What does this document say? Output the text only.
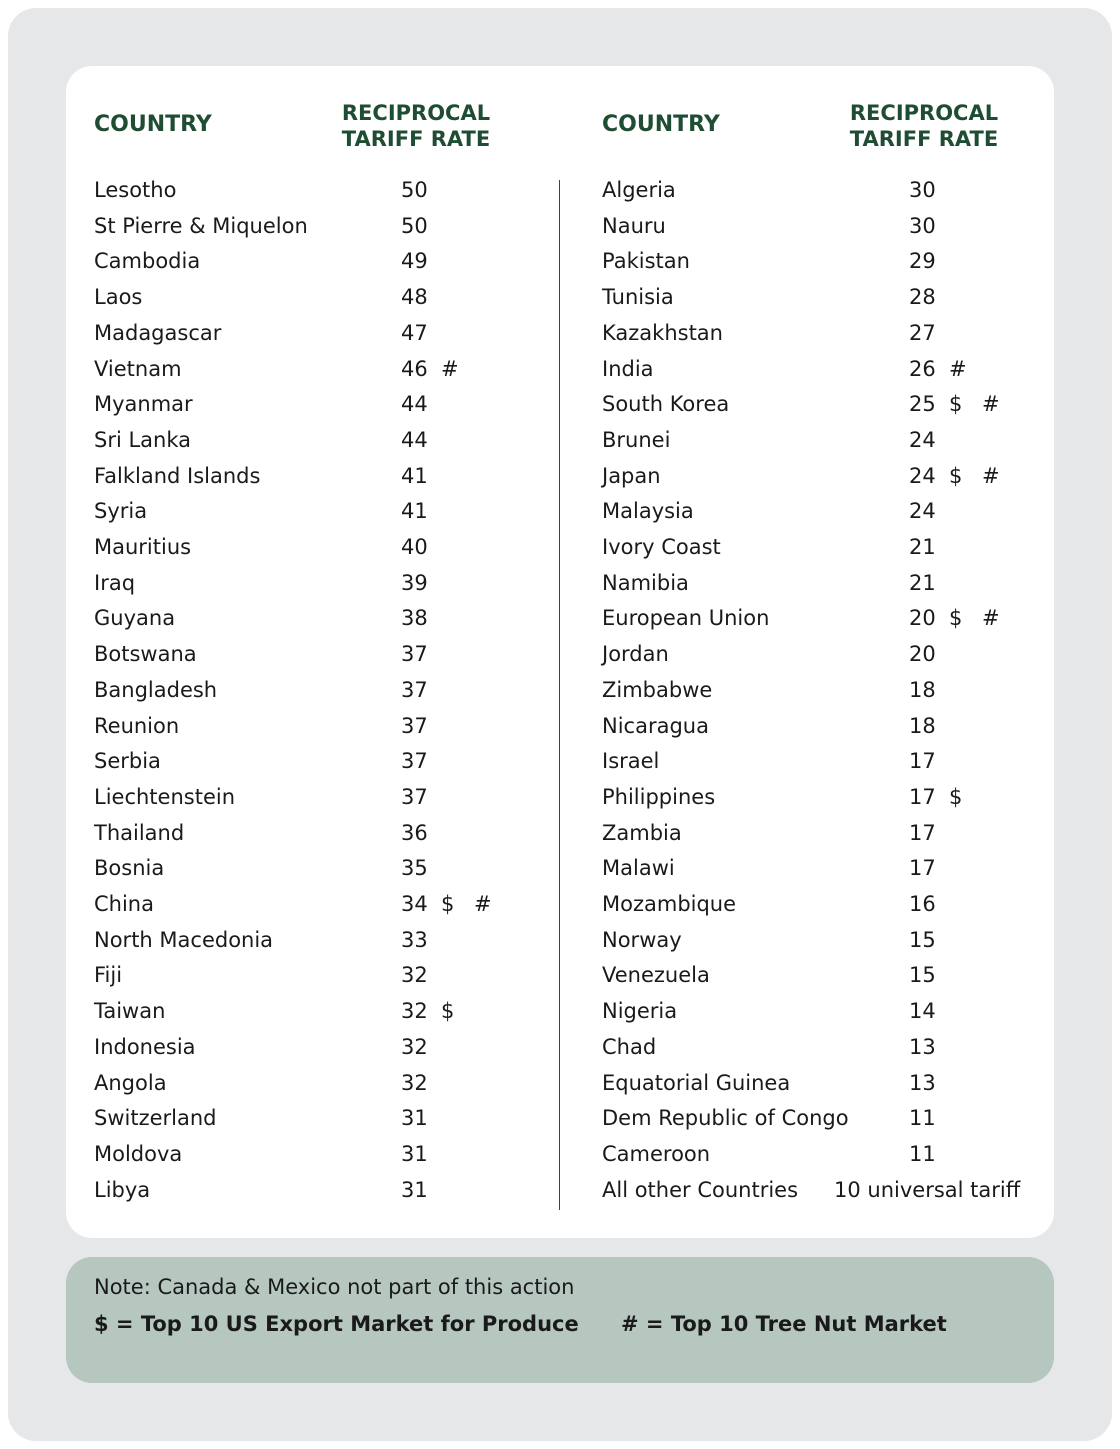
COUNTRY	RECIPROCAL
TARIFF RATE
COUNTRY	RECIPROCAL
TARIFF RATE
Lesotho	50
St Pierre & Miquelon	50
Cambodia	49
Laos	48
Madagascar	47
Vietnam	46 #
Myanmar	44
Sri Lanka	44
Falkland Islands	41
Syria	41
Mauritius	40
Iraq	39
Guyana	38
Botswana	37
Bangladesh	37
Reunion	37
Serbia	37
Liechtenstein	37
Thailand	36
Bosnia	35
China	34 $ #
North Macedonia	33
Fiji	32
Taiwan	32 $
Indonesia	32
Angola	32
Switzerland	31
Moldova	31
Libya	31
Algeria	30
Nauru	30
Pakistan	29
Tunisia	28
Kazakhstan	27
India	26 #
South Korea	25 $ #
Brunei	24
Japan	24 $ #
Malaysia	24
Ivory Coast	21
Namibia	21
European Union	20 $ #
Jordan	20
Zimbabwe	18
Nicaragua	18
Israel	17
Philippines	17 $
Zambia	17
Malawi	17
Mozambique	16
Norway	15
Venezuela	15
Nigeria	14
Chad	13
Equatorial Guinea	13
Dem Republic of Congo	11
Cameroon	11
All other Countries 10 universal tariff
Note: Canada & Mexico not part of this action
$ = Top 10 US Export Market for Produce # = Top 10 Tree Nut Market
